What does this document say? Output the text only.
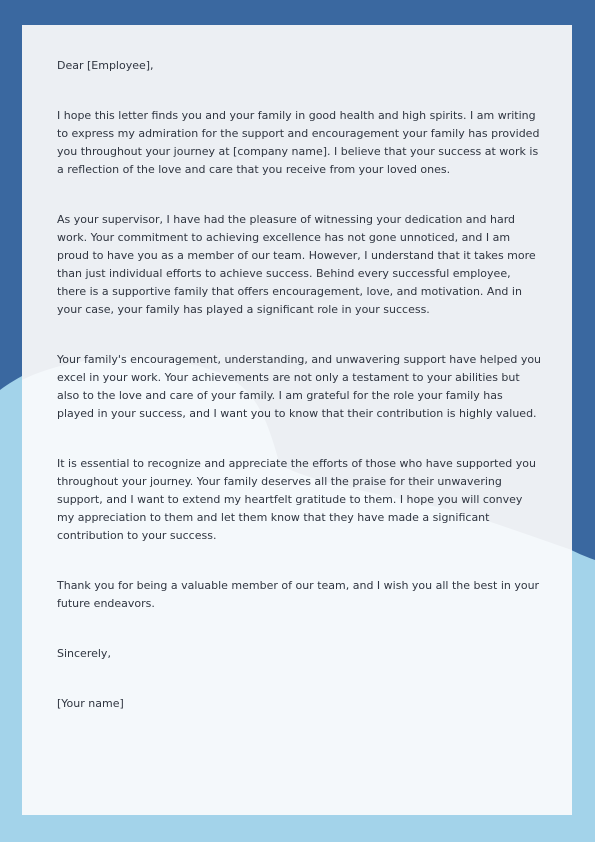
Dear [Employee],

I hope this letter finds you and your family in good health and high spirits. I am writing to express my admiration for the support and encouragement your family has provided you throughout your journey at [company name]. I believe that your success at work is a reflection of the love and care that you receive from your loved ones.

As your supervisor, I have had the pleasure of witnessing your dedication and hard work. Your commitment to achieving excellence has not gone unnoticed, and I am proud to have you as a member of our team. However, I understand that it takes more than just individual efforts to achieve success. Behind every successful employee, there is a supportive family that offers encouragement, love, and motivation. And in your case, your family has played a significant role in your success.

Your family's encouragement, understanding, and unwavering support have helped you excel in your work. Your achievements are not only a testament to your abilities but also to the love and care of your family. I am grateful for the role your family has played in your success, and I want you to know that their contribution is highly valued.

It is essential to recognize and appreciate the efforts of those who have supported you throughout your journey. Your family deserves all the praise for their unwavering support, and I want to extend my heartfelt gratitude to them. I hope you will convey my appreciation to them and let them know that they have made a significant contribution to your success.

Thank you for being a valuable member of our team, and I wish you all the best in your future endeavors.

Sincerely,

[Your name]
